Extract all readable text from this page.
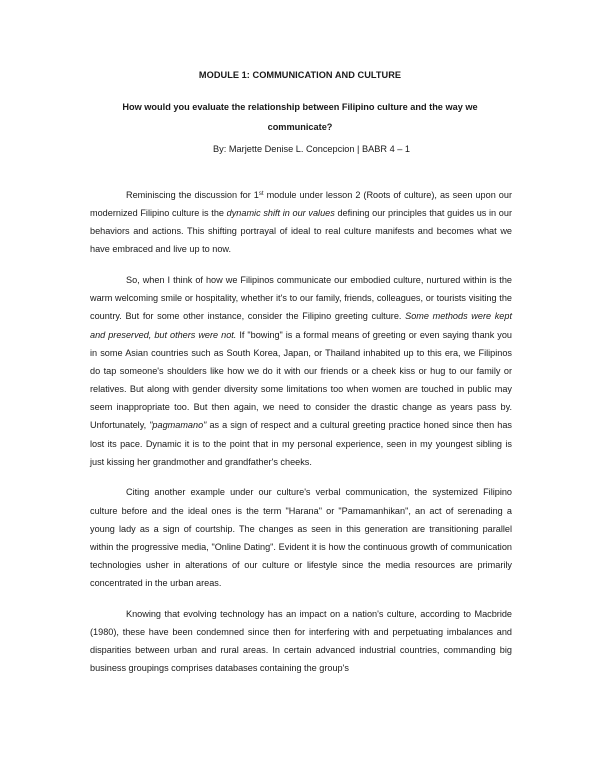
MODULE 1: COMMUNICATION AND CULTURE
How would you evaluate the relationship between Filipino culture and the way we communicate?
By: Marjette Denise L. Concepcion | BABR 4 – 1

Reminiscing the discussion for 1st module under lesson 2 (Roots of culture), as seen upon our modernized Filipino culture is the dynamic shift in our values defining our principles that guides us in our behaviors and actions. This shifting portrayal of ideal to real culture manifests and becomes what we have embraced and live up to now.

So, when I think of how we Filipinos communicate our embodied culture, nurtured within is the warm welcoming smile or hospitality, whether it's to our family, friends, colleagues, or tourists visiting the country. But for some other instance, consider the Filipino greeting culture. Some methods were kept and preserved, but others were not. If "bowing" is a formal means of greeting or even saying thank you in some Asian countries such as South Korea, Japan, or Thailand inhabited up to this era, we Filipinos do tap someone's shoulders like how we do it with our friends or a cheek kiss or hug to our family or relatives. But along with gender diversity some limitations too when women are touched in public may seem inappropriate too. But then again, we need to consider the drastic change as years pass by. Unfortunately, "pagmamano" as a sign of respect and a cultural greeting practice honed since then has lost its pace. Dynamic it is to the point that in my personal experience, seen in my youngest sibling is just kissing her grandmother and grandfather's cheeks.

Citing another example under our culture's verbal communication, the systemized Filipino culture before and the ideal ones is the term "Harana" or "Pamamanhikan", an act of serenading a young lady as a sign of courtship. The changes as seen in this generation are transitioning parallel within the progressive media, "Online Dating". Evident it is how the continuous growth of communication technologies usher in alterations of our culture or lifestyle since the media resources are primarily concentrated in the urban areas.

Knowing that evolving technology has an impact on a nation's culture, according to Macbride (1980), these have been condemned since then for interfering with and perpetuating imbalances and disparities between urban and rural areas. In certain advanced industrial countries, commanding big business groupings comprises databases containing the group's
